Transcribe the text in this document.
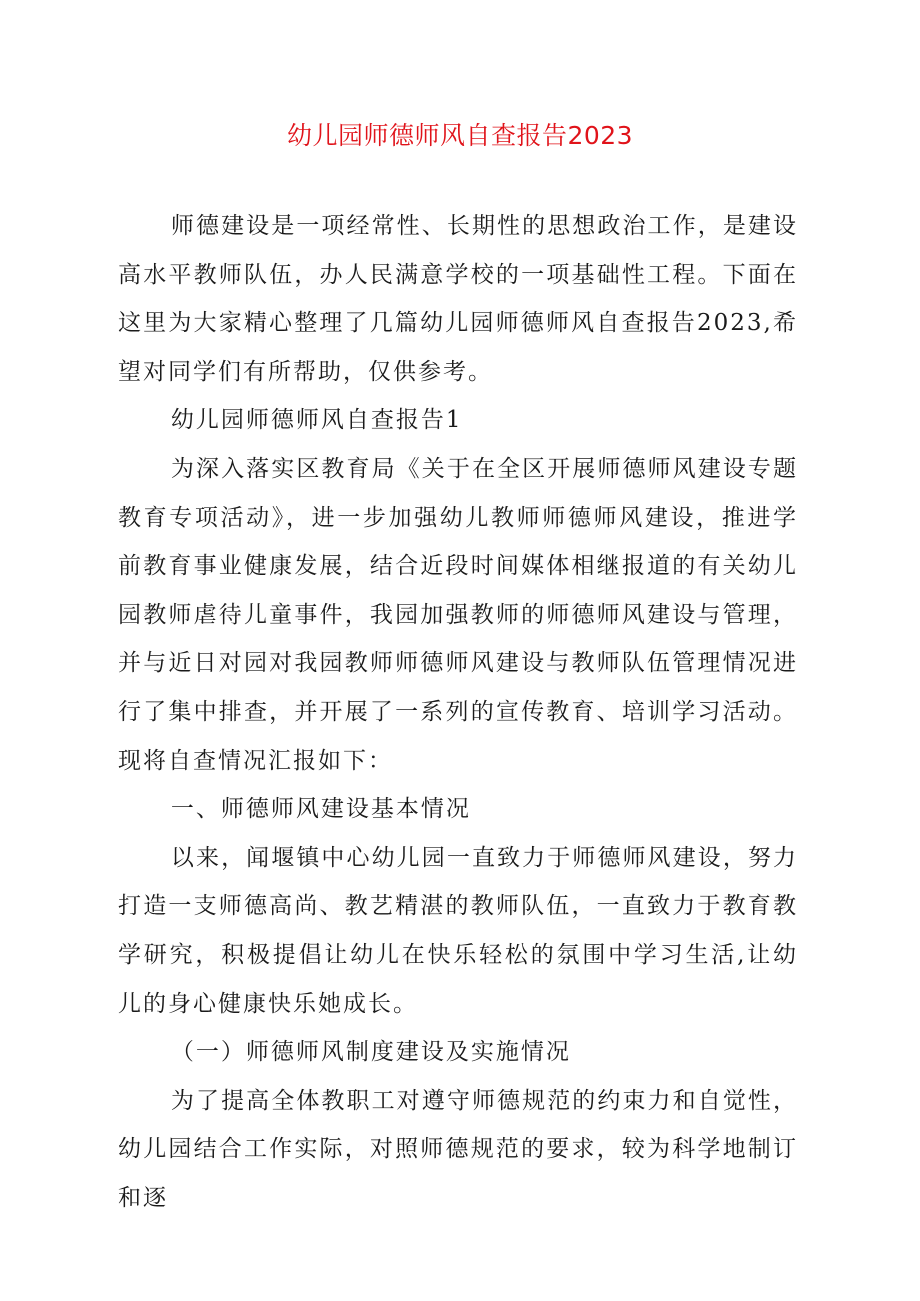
幼儿园师德师风自查报告2023

师德建设是一项经常性、长期性的思想政治工作，是建设高水平教师队伍，办人民满意学校的一项基础性工程。下面在这里为大家精心整理了几篇幼儿园师德师风自查报告2023,希望对同学们有所帮助，仅供参考。

幼儿园师德师风自查报告1

为深入落实区教育局《关于在全区开展师德师风建设专题教育专项活动》，进一步加强幼儿教师师德师风建设，推进学前教育事业健康发展，结合近段时间媒体相继报道的有关幼儿园教师虐待儿童事件，我园加强教师的师德师风建设与管理，并与近日对园对我园教师师德师风建设与教师队伍管理情况进行了集中排查，并开展了一系列的宣传教育、培训学习活动。现将自查情况汇报如下：

一、师德师风建设基本情况

以来，闻堰镇中心幼儿园一直致力于师德师风建设，努力打造一支师德高尚、教艺精湛的教师队伍，一直致力于教育教学研究，积极提倡让幼儿在快乐轻松的氛围中学习生活,让幼儿的身心健康快乐她成长。

（一）师德师风制度建设及实施情况

为了提高全体教职工对遵守师德规范的约束力和自觉性，幼儿园结合工作实际，对照师德规范的要求，较为科学地制订和逐
